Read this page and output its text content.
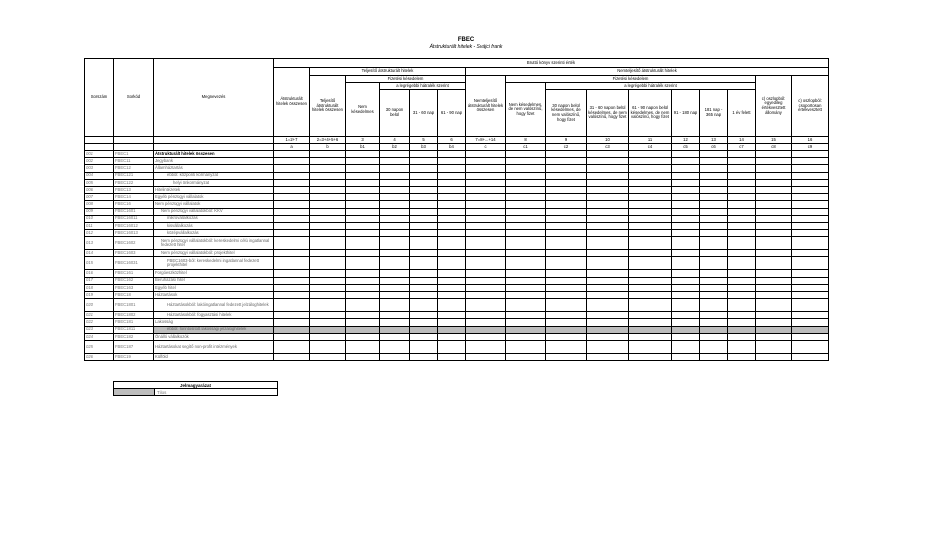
FBEC
Átstrukturált hitelek - Svájci frank
Sorszám	Sorkód	Megnevezés	Bruttó könyv szerinti érték															
			Átstrukturált hitelek összesen	Teljesítő átstrukturált hitelek					Nemteljesítő átstrukturált hitelek									
				Teljesítő átstrukturált hitelek összesen	Fizetési késedelem				Nemteljesítő átstrukturált hitelek összesen	Fizetési késedelem							c) oszlopból: egyedileg értékvesztett állomány	c) oszlopból: csoportosan értékvesztett
					Nem késedelmes	a legrégebbi hátralék szerint				Nem késedelmes, de nem valószínű, hogy fizet	a legrégebbi hátralék szerint							
						30 napon belül	31 - 60 nap	61 - 90 nap			30 napon belül késedelmes, de nem valószínű, hogy fizet	31 - 60 napon belül késedelmes, de nem valószínű, hogy fizet	61 - 90 napon belül késedelmes, de nem valószínű, hogy fizet	91 - 180 nap	181 nap - 365 nap	1 év felett		
			1=2+7	2=3+4+5+6	3	4	5	6	7=8+...+14	8	9	10	11	12	13	14	15	16
			a	b	b1	b2	b3	b4	c	c1	c2	c3	c4	c5	c6	c7	c8	c9
001	FBEC1	Átstrukturált hitelek összesen																
002	FBEC11	Jegybank																
003	FBEC12	Államháztartás																
004	FBEC121	ebből: központi kormányzat																
005	FBEC122	helyi önkormányzat																
006	FBEC13	Hitelintézetek																
007	FBEC14	Egyéb pénzügyi vállalatok																
008	FBEC16	Nem pénzügyi vállalatok																
009	FBEC1601	Nem pénzügyi vállalatokból: KKV																
010	FBEC16011	mikrovállalkozás																
011	FBEC16012	kisvállalkozás																
012	FBEC16013	középvállalkozás																
013	FBEC1602	Nem pénzügyi vállalatokból: kereskedelmi célú ingatlannal fedezett hitel																
014	FBEC1603	Nem pénzügyi vállalatokból: projekthitel																
015	FBEC16031	FBEC1603-ból: kereskedelmi ingatlannal fedezett projekthitel																
016	FBEC161	Forgóeszközhitel																
017	FBEC162	Beruházási hitel																
018	FBEC163	Egyéb hitel																
019	FBEC18	Háztartások																
020	FBEC1801	Háztartásokból: lakóingatlannal fedezett jelzáloghitelek																
021	FBEC1802	Háztartásokból: fogyasztási hitelek																
022	FBEC181	Lakosság																
023	FBEC1811	ebből: forintosított lakossági jelzáloghitelek																
024	FBEC182	Önálló vállalkozók																
025	FBEC187	Háztartásokat segítő non-profit intézmények																
026	FBEC19	Külföld																
Jelmagyarázat
	Tilos
